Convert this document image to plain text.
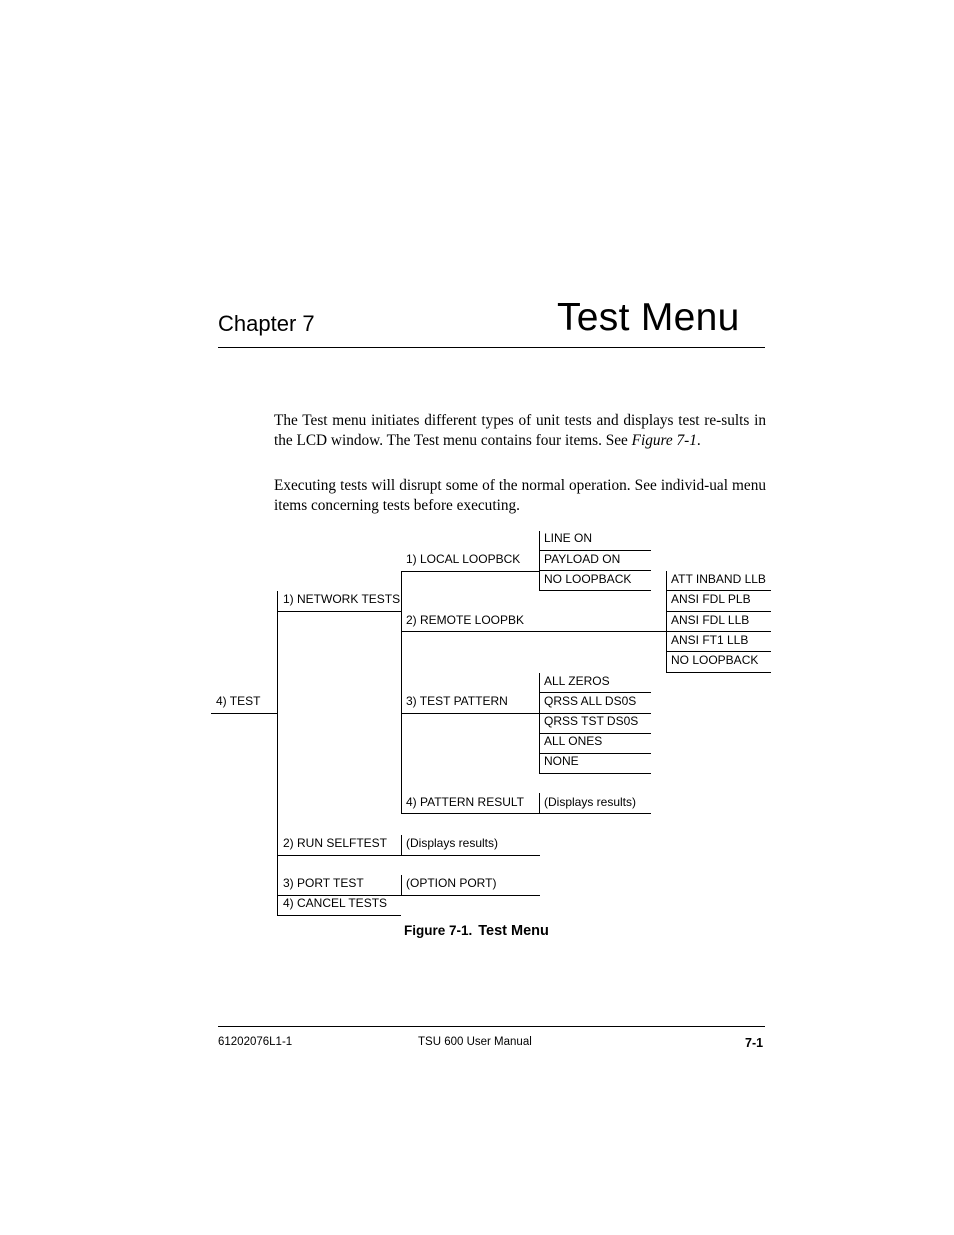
Chapter 7	Test Menu
The Test menu initiates different types of unit tests and displays test re-sults in the LCD window. The Test menu contains four items. See Figure 7-1.
Executing tests will disrupt some of the normal operation. See individ-ual menu items concerning tests before executing.
4) TEST
1) NETWORK TESTS
2) RUN SELFTEST (Displays results)
3) PORT TEST	(OPTION PORT)
4) CANCEL TESTS
1) LOCAL LOOPBCK
LINE ON
PAYLOAD ON
NO LOOPBACK
2) REMOTE LOOPBK
ATT INBAND LLB
ANSI FDL PLB
ANSI FDL LLB
ANSI FT1 LLB
NO LOOPBACK
3) TEST PATTERN
ALL ZEROS
QRSS ALL DS0S
QRSS TST DS0S
ALL ONES
NONE
4) PATTERN RESULT (Displays results)
Figure 7-1. Test Menu
61202076L1-1	TSU 600 User Manual	7-1
